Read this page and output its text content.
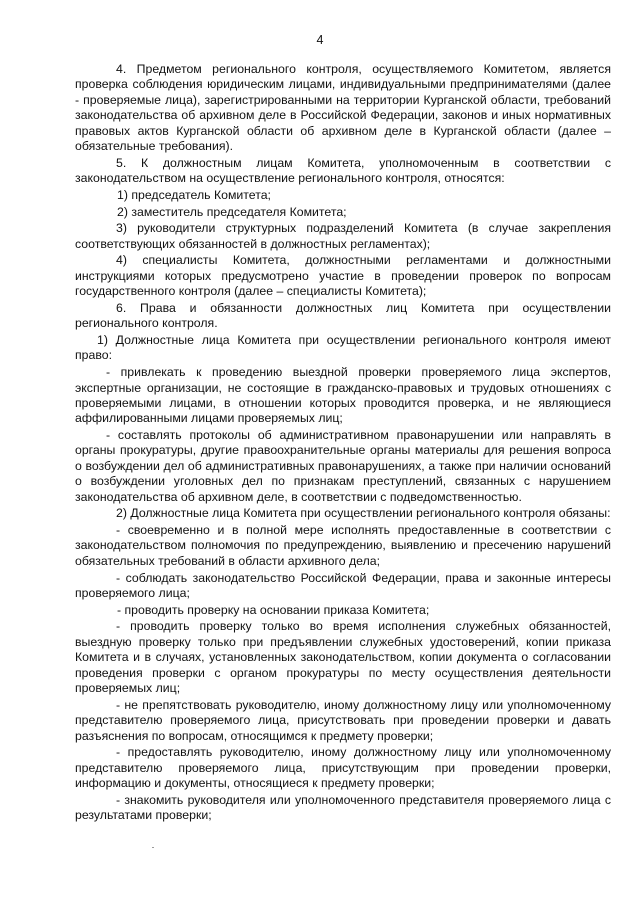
4
4. Предметом регионального контроля, осуществляемого Комитетом, является проверка соблюдения юридическим лицами, индивидуальными предпринимателями (далее - проверяемые лица), зарегистрированными на территории Курганской области, требований законодательства об архивном деле в Российской Федерации, законов и иных нормативных правовых актов Курганской области об архивном деле в Курганской области (далее – обязательные требования).
5. К должностным лицам Комитета, уполномоченным в соответствии с законодательством на осуществление регионального контроля, относятся:
1) председатель Комитета;
2) заместитель председателя Комитета;
3) руководители структурных подразделений Комитета (в случае закрепления соответствующих обязанностей в должностных регламентах);
4) специалисты Комитета, должностными регламентами и должностными инструкциями которых предусмотрено участие в проведении проверок по вопросам государственного контроля (далее – специалисты Комитета);
6. Права и обязанности должностных лиц Комитета при осуществлении регионального контроля.
1) Должностные лица Комитета при осуществлении регионального контроля имеют право:
- привлекать к проведению выездной проверки проверяемого лица экспертов, экспертные организации, не состоящие в гражданско-правовых и трудовых отношениях с проверяемыми лицами, в отношении которых проводится проверка, и не являющиеся аффилированными лицами проверяемых лиц;
- составлять протоколы об административном правонарушении или направлять в органы прокуратуры, другие правоохранительные органы материалы для решения вопроса о возбуждении дел об административных правонарушениях, а также при наличии оснований о возбуждении уголовных дел по признакам преступлений, связанных с нарушением законодательства об архивном деле, в соответствии с подведомственностью.
2) Должностные лица Комитета при осуществлении регионального контроля обязаны:
- своевременно и в полной мере исполнять предоставленные в соответствии с законодательством полномочия по предупреждению, выявлению и пресечению нарушений обязательных требований в области архивного дела;
- соблюдать законодательство Российской Федерации, права и законные интересы проверяемого лица;
- проводить проверку на основании приказа Комитета;
- проводить проверку только во время исполнения служебных обязанностей, выездную проверку только при предъявлении служебных удостоверений, копии приказа Комитета и в случаях, установленных законодательством, копии документа о согласовании проведения проверки с органом прокуратуры по месту осуществления деятельности проверяемых лиц;
- не препятствовать руководителю, иному должностному лицу или уполномоченному представителю проверяемого лица, присутствовать при проведении проверки и давать разъяснения по вопросам, относящимся к предмету проверки;
- предоставлять руководителю, иному должностному лицу или уполномоченному представителю проверяемого лица, присутствующим при проведении проверки, информацию и документы, относящиеся к предмету проверки;
- знакомить руководителя или уполномоченного представителя проверяемого лица с результатами проверки;
